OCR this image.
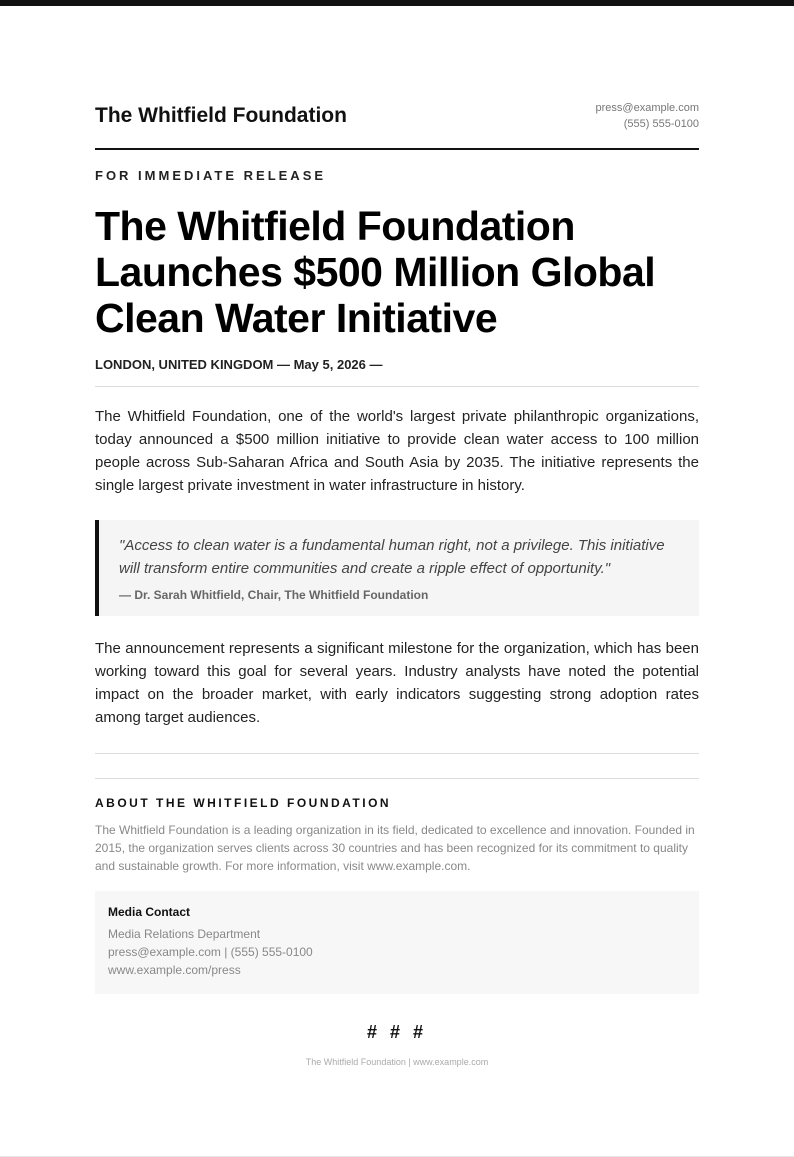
The Whitfield Foundation	press@example.com
(555) 555-0100
FOR IMMEDIATE RELEASE
The Whitfield Foundation Launches $500 Million Global Clean Water Initiative
LONDON, UNITED KINGDOM — May 5, 2026 —

The Whitfield Foundation, one of the world's largest private philanthropic organizations, today announced a $500 million initiative to provide clean water access to 100 million people across Sub-Saharan Africa and South Asia by 2035. The initiative represents the single largest private investment in water infrastructure in history.

"Access to clean water is a fundamental human right, not a privilege. This initiative will transform entire communities and create a ripple effect of opportunity."
— Dr. Sarah Whitfield, Chair, The Whitfield Foundation

The announcement represents a significant milestone for the organization, which has been working toward this goal for several years. Industry analysts have noted the potential impact on the broader market, with early indicators suggesting strong adoption rates among target audiences.

ABOUT THE WHITFIELD FOUNDATION
The Whitfield Foundation is a leading organization in its field, dedicated to excellence and innovation. Founded in 2015, the organization serves clients across 30 countries and has been recognized for its commitment to quality and sustainable growth. For more information, visit www.example.com.
Media Contact
Media Relations Department
press@example.com | (555) 555-0100
www.example.com/press
# # #
The Whitfield Foundation | www.example.com
